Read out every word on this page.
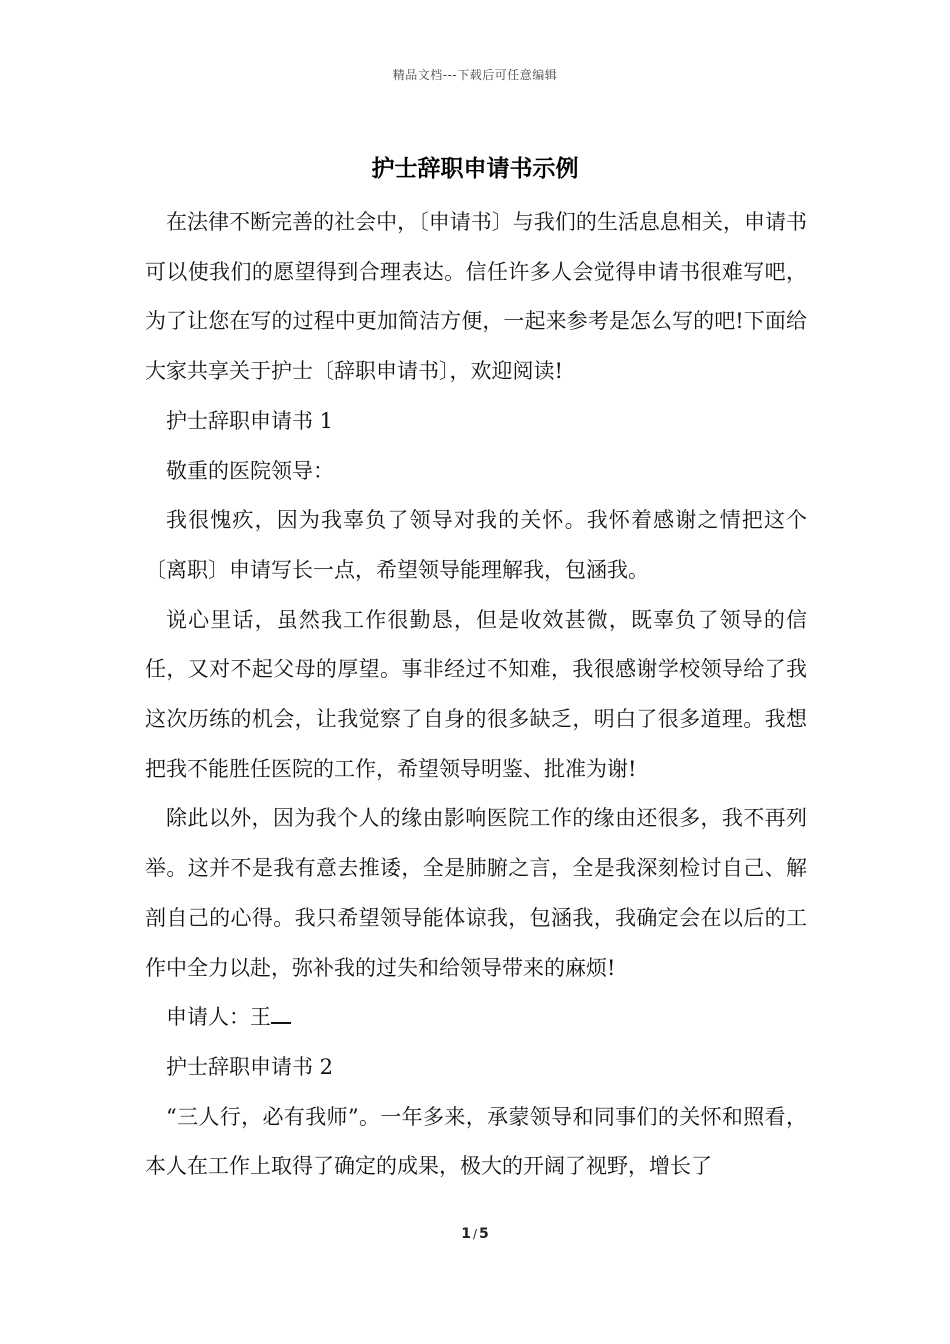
精品文档---下载后可任意编辑
护士辞职申请书示例

在法律不断完善的社会中，〔申请书〕与我们的生活息息相关，申请书可以使我们的愿望得到合理表达。信任许多人会觉得申请书很难写吧，为了让您在写的过程中更加简洁方便，一起来参考是怎么写的吧!下面给大家共享关于护士〔辞职申请书〕，欢迎阅读!

护士辞职申请书 1

敬重的医院领导：

我很愧疚，因为我辜负了领导对我的关怀。我怀着感谢之情把这个〔离职〕申请写长一点，希望领导能理解我，包涵我。

说心里话，虽然我工作很勤恳，但是收效甚微，既辜负了领导的信任，又对不起父母的厚望。事非经过不知难，我很感谢学校领导给了我这次历练的机会，让我觉察了自身的很多缺乏，明白了很多道理。我想把我不能胜任医院的工作，希望领导明鉴、批准为谢!

除此以外，因为我个人的缘由影响医院工作的缘由还很多，我不再列举。这并不是我有意去推诿，全是肺腑之言，全是我深刻检讨自己、解剖自己的心得。我只希望领导能体谅我，包涵我，我确定会在以后的工作中全力以赴，弥补我的过失和给领导带来的麻烦!

申请人：王

护士辞职申请书 2

“三人行，必有我师”。一年多来，承蒙领导和同事们的关怀和照看，本人在工作上取得了确定的成果，极大的开阔了视野，增长了

1 / 5
